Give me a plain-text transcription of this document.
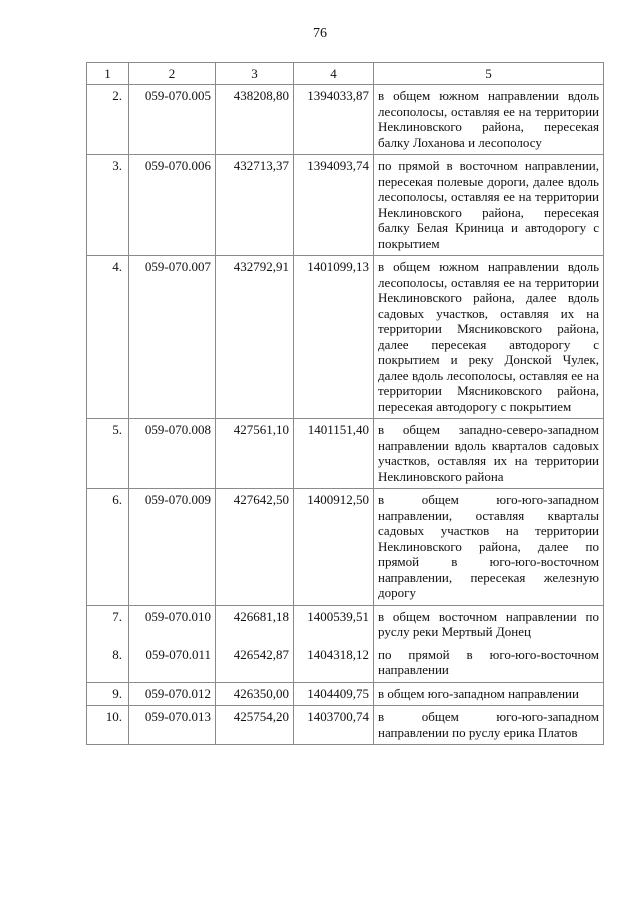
76
1	2	3	4	5
2.	059-070.005	438208,80	1394033,87	в общем южном направлении вдоль лесополосы, оставляя ее на территории Неклиновского района, пересекая балку Лоханова и лесополосу

3.	059-070.006	432713,37	1394093,74	по прямой в восточном направлении, пересекая полевые дороги, далее вдоль лесополосы, оставляя ее на территории Неклиновского района, пересекая балку Белая Криница и автодорогу с покрытием

4.	059-070.007	432792,91	1401099,13	в общем южном направлении вдоль лесополосы, оставляя ее на территории Неклиновского района, далее вдоль садовых участков, оставляя их на территории Мясниковского района, далее пересекая автодорогу с покрытием и реку Донской Чулек, далее вдоль лесополосы, оставляя ее на территории Мясниковского района, пересекая автодорогу с покрытием

5.	059-070.008	427561,10	1401151,40	в общем западно-северо-западном направлении вдоль кварталов садовых участков, оставляя их на территории Неклиновского района

6.	059-070.009	427642,50	1400912,50	в общем юго-юго-западном направлении, оставляя кварталы садовых участков на территории Неклиновского района, далее по прямой в юго-юго-восточном направлении, пересекая железную дорогу

7.	059-070.010	426681,18	1400539,51	в общем восточном направлении по руслу реки Мертвый Донец

8.	059-070.011	426542,87	1404318,12	по прямой в юго-юго-восточном направлении

9.	059-070.012	426350,00	1404409,75	в общем юго-западном направлении

10.	059-070.013	425754,20	1403700,74	в общем юго-юго-западном направлении по руслу ерика Платов
